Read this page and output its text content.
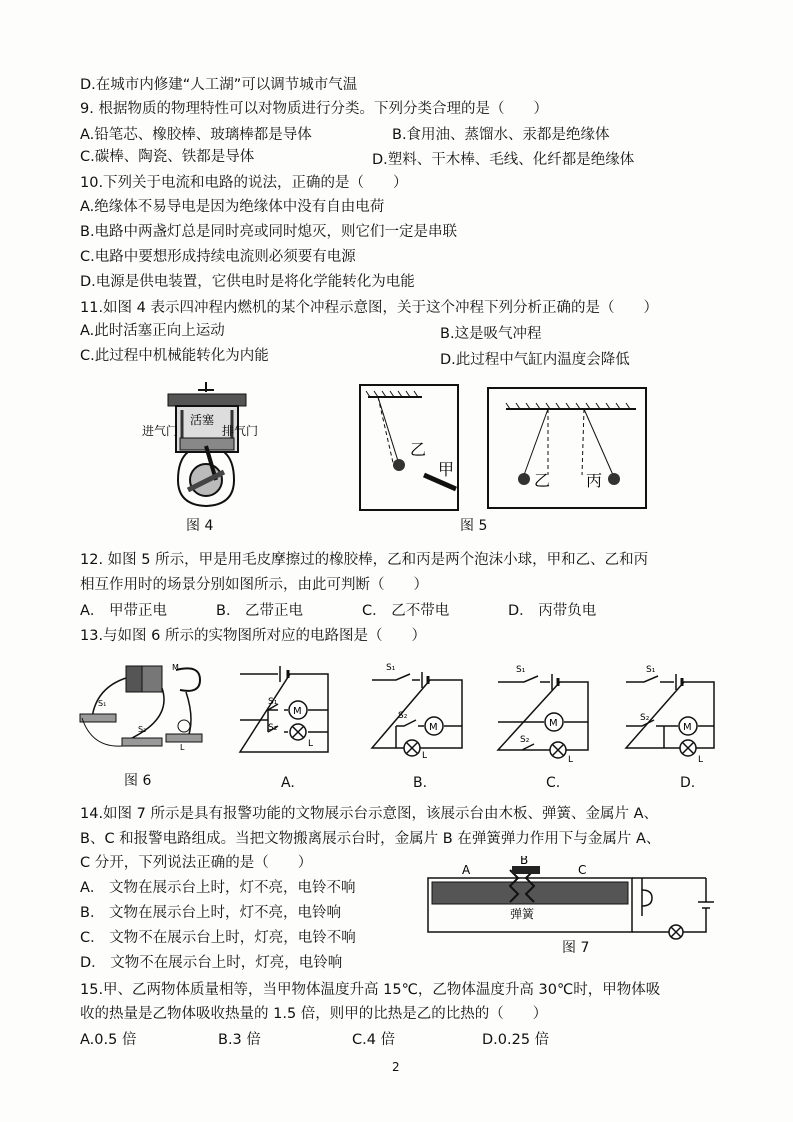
D.在城市内修建“人工湖”可以调节城市气温
9. 根据物质的物理特性可以对物质进行分类。下列分类合理的是（　　）
A.铅笔芯、橡胶棒、玻璃棒都是导体	B.食用油、蒸馏水、汞都是绝缘体
C.碳棒、陶瓷、铁都是导体	D.塑料、干木棒、毛线、化纤都是绝缘体
10.下列关于电流和电路的说法，正确的是（　　）
A.绝缘体不易导电是因为绝缘体中没有自由电荷
B.电路中两盏灯总是同时亮或同时熄灭，则它们一定是串联
C.电路中要想形成持续电流则必须要有电源
D.电源是供电装置，它供电时是将化学能转化为电能
11.如图 4 表示四冲程内燃机的某个冲程示意图，关于这个冲程下列分析正确的是（　　）
A.此时活塞正向上运动	B.这是吸气冲程
C.此过程中机械能转化为内能	D.此过程中气缸内温度会降低
进气门
活塞
排气门
图 4
乙
甲
乙 丙
图 5
12. 如图 5 所示，甲是用毛皮摩擦过的橡胶棒，乙和丙是两个泡沫小球，甲和乙、乙和丙
相互作用时的场景分别如图所示，由此可判断（　　）
A． 甲带正电	B． 乙带正电	C． 乙不带电	D． 丙带负电
13.与如图 6 所示的实物图所对应的电路图是（　　）
M
S₁
S₂
L
图 6
M
S₁
S₂
L
A.
M
S₁
S₂
L
B.
M
S₁
S₂
L
C.
M
S₁
S₂
L
D.
14.如图 7 所示是具有报警功能的文物展示台示意图，该展示台由木板、弹簧、金属片 A、
B、C 和报警电路组成。当把文物搬离展示台时，金属片 B 在弹簧弹力作用下与金属片 A、
C 分开，下列说法正确的是（　　）
A． 文物在展示台上时，灯不亮，电铃不响
B． 文物在展示台上时，灯不亮，电铃响
C． 文物不在展示台上时，灯亮，电铃不响
D． 文物不在展示台上时，灯亮，电铃响
A
B
C
弹簧
图 7
15.甲、乙两物体质量相等，当甲物体温度升高 15℃，乙物体温度升高 30℃时，甲物体吸
收的热量是乙物体吸收热量的 1.5 倍，则甲的比热是乙的比热的（　　）
A.0.5 倍	B.3 倍	C.4 倍	D.0.25 倍
2
